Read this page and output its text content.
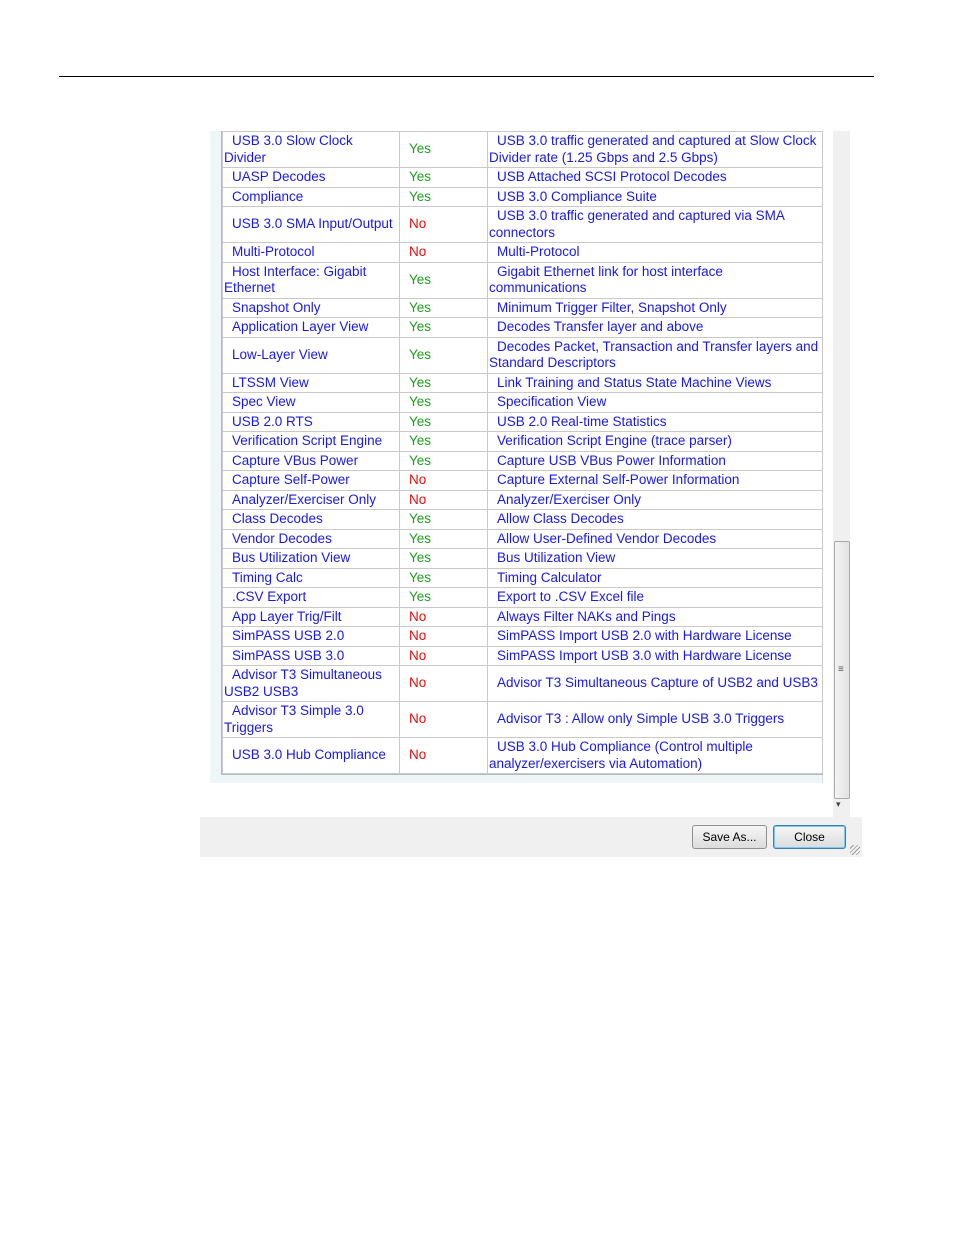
USB 3.0 Slow Clock Divider	Yes	USB 3.0 traffic generated and captured at Slow Clock Divider rate (1.25 Gbps and 2.5 Gbps)
UASP Decodes	Yes	USB Attached SCSI Protocol Decodes
Compliance	Yes	USB 3.0 Compliance Suite
USB 3.0 SMA Input/Output	No	USB 3.0 traffic generated and captured via SMA connectors
Multi-Protocol	No	Multi-Protocol
Host Interface: Gigabit Ethernet	Yes	Gigabit Ethernet link for host interface communications
Snapshot Only	Yes	Minimum Trigger Filter, Snapshot Only
Application Layer View	Yes	Decodes Transfer layer and above
Low-Layer View	Yes	Decodes Packet, Transaction and Transfer layers and Standard Descriptors
LTSSM View	Yes	Link Training and Status State Machine Views
Spec View	Yes	Specification View
USB 2.0 RTS	Yes	USB 2.0 Real-time Statistics
Verification Script Engine	Yes	Verification Script Engine (trace parser)
Capture VBus Power	Yes	Capture USB VBus Power Information
Capture Self-Power	No	Capture External Self-Power Information
Analyzer/Exerciser Only	No	Analyzer/Exerciser Only
Class Decodes	Yes	Allow Class Decodes
Vendor Decodes	Yes	Allow User-Defined Vendor Decodes
Bus Utilization View	Yes	Bus Utilization View
Timing Calc	Yes	Timing Calculator
.CSV Export	Yes	Export to .CSV Excel file
App Layer Trig/Filt	No	Always Filter NAKs and Pings
SimPASS USB 2.0	No	SimPASS Import USB 2.0 with Hardware License
SimPASS USB 3.0	No	SimPASS Import USB 3.0 with Hardware License
Advisor T3 Simultaneous USB2 USB3	No	Advisor T3 Simultaneous Capture of USB2 and USB3
Advisor T3 Simple 3.0 Triggers	No	Advisor T3 : Allow only Simple USB 3.0 Triggers
USB 3.0 Hub Compliance	No	USB 3.0 Hub Compliance (Control multiple analyzer/exercisers via Automation)
≡
▾
Save As...	Close
